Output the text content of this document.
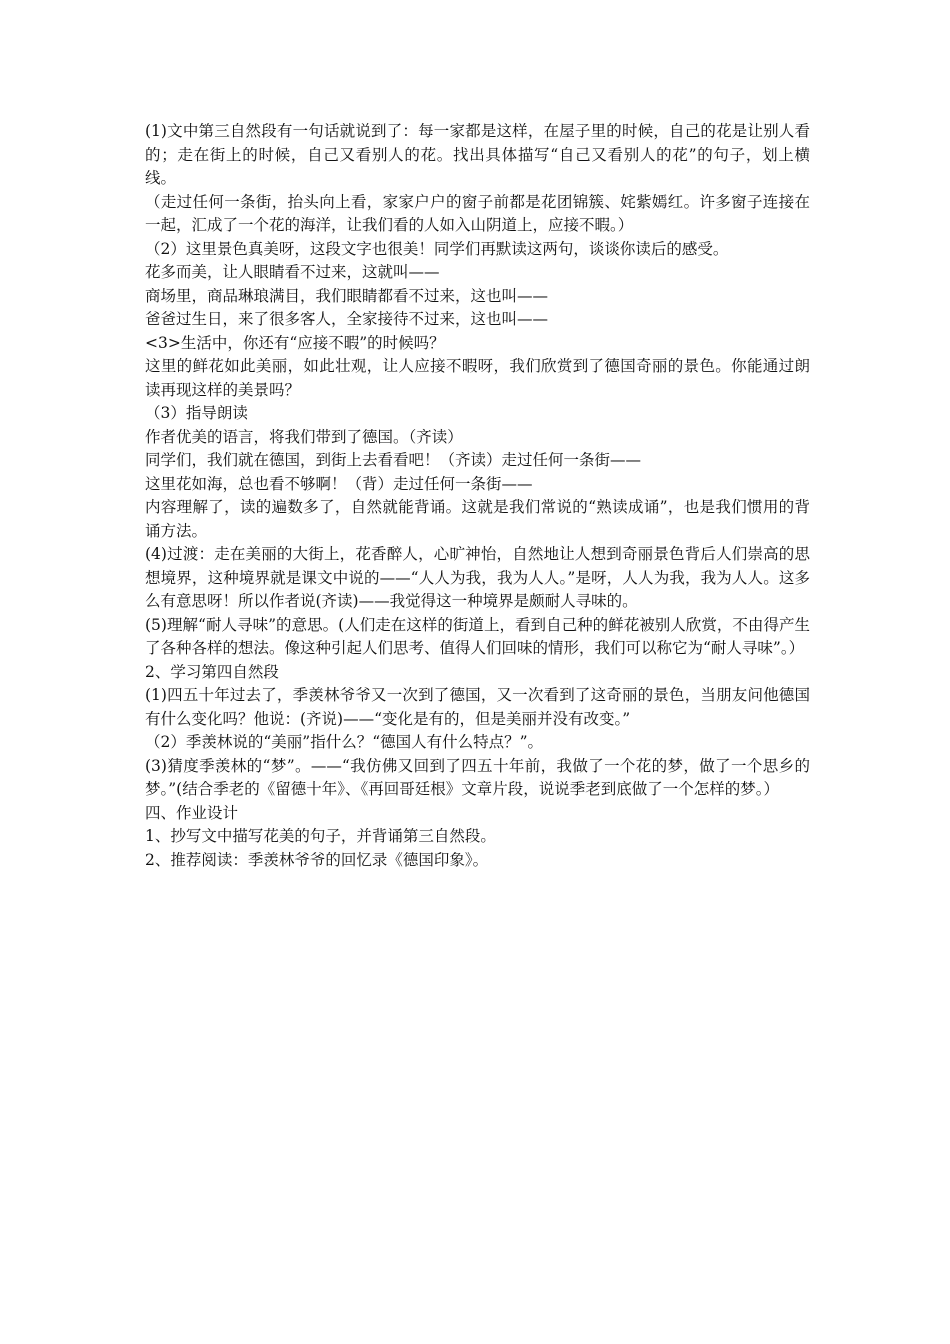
(1)文中第三自然段有一句话就说到了：每一家都是这样，在屋子里的时候，自己的花是让别人看的；走在街上的时候，自己又看别人的花。找出具体描写“自己又看别人的花”的句子，划上横线。

（走过任何一条街，抬头向上看，家家户户的窗子前都是花团锦簇、姹紫嫣红。许多窗子连接在一起，汇成了一个花的海洋，让我们看的人如入山阴道上，应接不暇。）

（2）这里景色真美呀，这段文字也很美！同学们再默读这两句，谈谈你读后的感受。

花多而美，让人眼睛看不过来，这就叫——

商场里，商品琳琅满目，我们眼睛都看不过来，这也叫——

爸爸过生日，来了很多客人，全家接待不过来，这也叫——

<3>生活中，你还有“应接不暇”的时候吗？

这里的鲜花如此美丽，如此壮观，让人应接不暇呀，我们欣赏到了德国奇丽的景色。你能通过朗读再现这样的美景吗？

（3）指导朗读

作者优美的语言，将我们带到了德国。（齐读）

同学们，我们就在德国，到街上去看看吧！（齐读）走过任何一条街——

这里花如海，总也看不够啊！（背）走过任何一条街——

内容理解了，读的遍数多了，自然就能背诵。这就是我们常说的“熟读成诵”，也是我们惯用的背诵方法。

(4)过渡：走在美丽的大街上，花香醉人，心旷神怡，自然地让人想到奇丽景色背后人们崇高的思想境界，这种境界就是课文中说的——“人人为我，我为人人。”是呀，人人为我，我为人人。这多么有意思呀！所以作者说(齐读)——我觉得这一种境界是颇耐人寻味的。

(5)理解“耐人寻味”的意思。(人们走在这样的街道上，看到自己种的鲜花被别人欣赏，不由得产生了各种各样的想法。像这种引起人们思考、值得人们回味的情形，我们可以称它为“耐人寻味”。）

2、学习第四自然段

(1)四五十年过去了，季羡林爷爷又一次到了德国，又一次看到了这奇丽的景色，当朋友问他德国有什么变化吗？他说：(齐说)——“变化是有的，但是美丽并没有改变。”

（2）季羡林说的“美丽”指什么？“德国人有什么特点？”。

(3)猜度季羡林的“梦”。——“我仿佛又回到了四五十年前，我做了一个花的梦，做了一个思乡的梦。”(结合季老的《留德十年》、《再回哥廷根》文章片段，说说季老到底做了一个怎样的梦。）

四、作业设计

1、抄写文中描写花美的句子，并背诵第三自然段。

2、推荐阅读：季羡林爷爷的回忆录《德国印象》。
